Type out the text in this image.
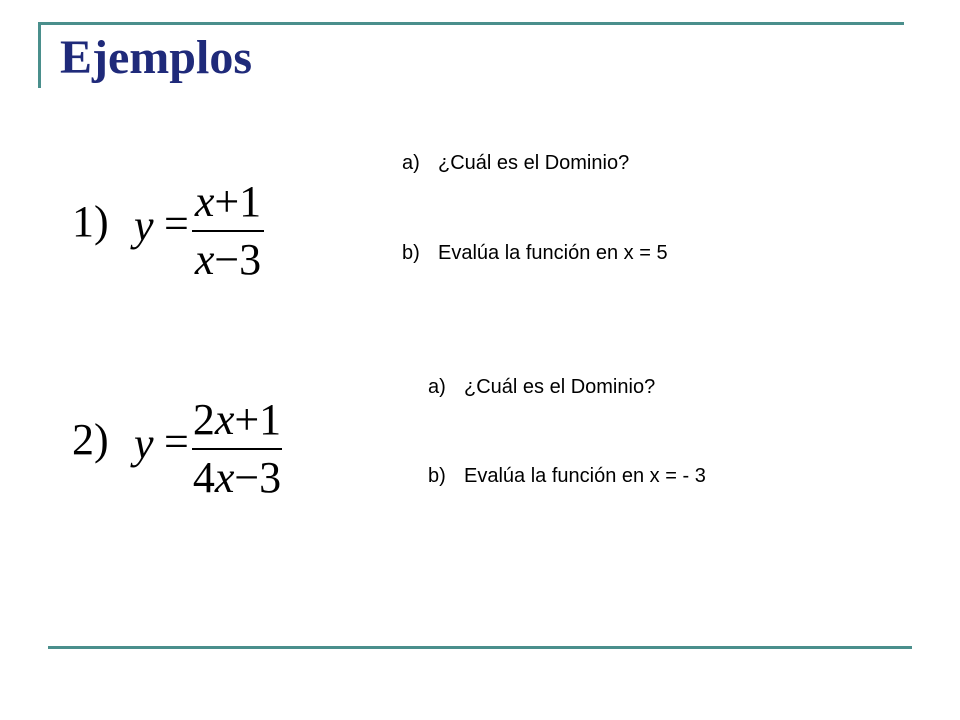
Ejemplos
1) y = x+1
x−3
a) ¿Cuál es el Dominio?
b) Evalúa la función en x = 5
2) y = 2x+1
4x−3
a) ¿Cuál es el Dominio?
b) Evalúa la función en x = - 3
